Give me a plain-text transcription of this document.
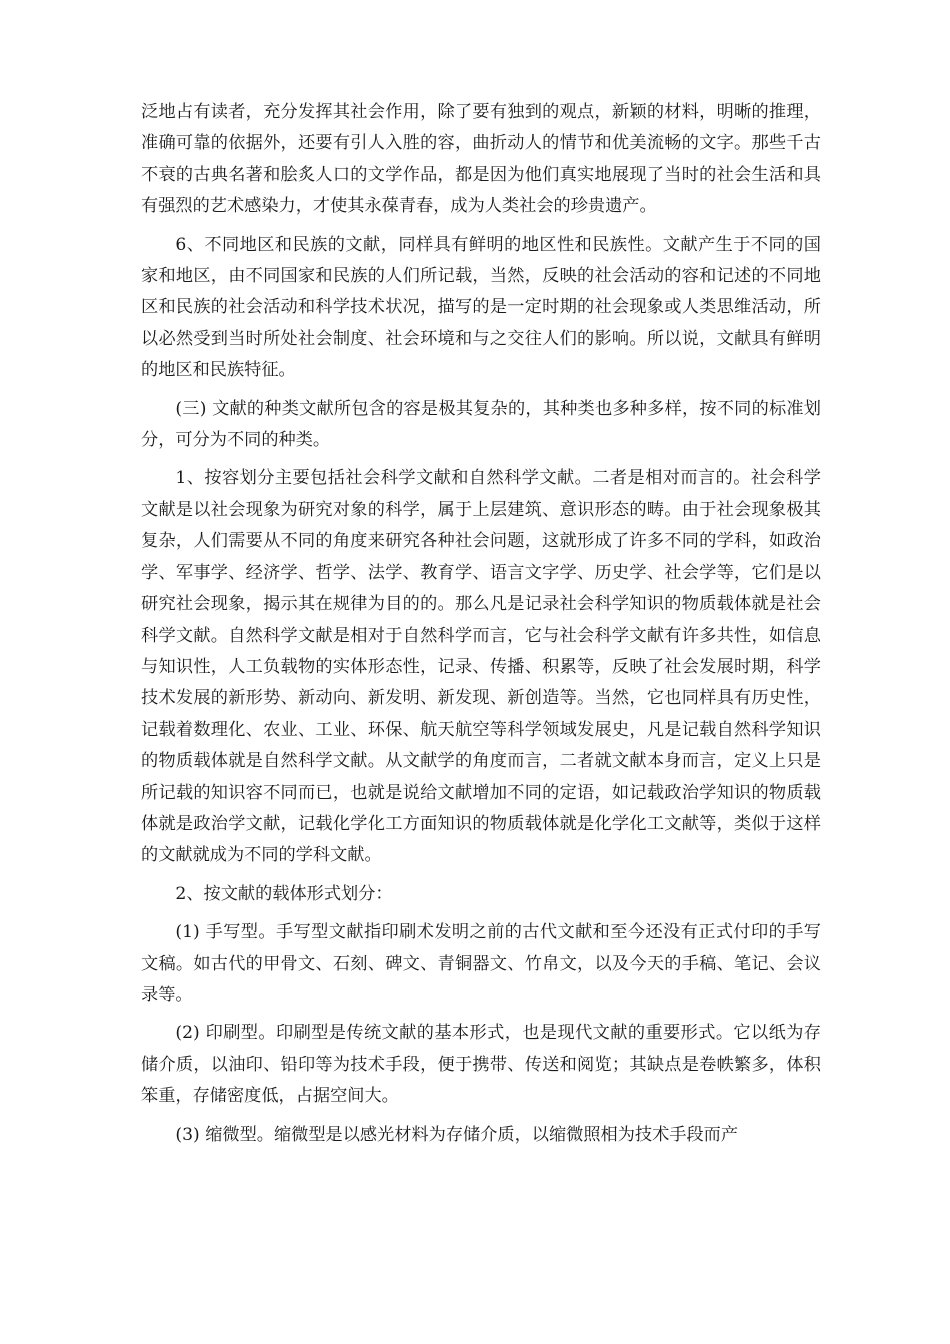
泛地占有读者，充分发挥其社会作用，除了要有独到的观点，新颖的材料，明晰的推理，准确可靠的依据外，还要有引人入胜的容，曲折动人的情节和优美流畅的文字。那些千古不衰的古典名著和脍炙人口的文学作品，都是因为他们真实地展现了当时的社会生活和具有强烈的艺术感染力，才使其永葆青春，成为人类社会的珍贵遗产。

6、不同地区和民族的文献，同样具有鲜明的地区性和民族性。文献产生于不同的国家和地区，由不同国家和民族的人们所记载，当然，反映的社会活动的容和记述的不同地区和民族的社会活动和科学技术状况，描写的是一定时期的社会现象或人类思维活动，所以必然受到当时所处社会制度、社会环境和与之交往人们的影响。所以说，文献具有鲜明的地区和民族特征。

(三) 文献的种类文献所包含的容是极其复杂的，其种类也多种多样，按不同的标准划分，可分为不同的种类。

1、按容划分主要包括社会科学文献和自然科学文献。二者是相对而言的。社会科学文献是以社会现象为研究对象的科学，属于上层建筑、意识形态的畴。由于社会现象极其复杂，人们需要从不同的角度来研究各种社会问题，这就形成了许多不同的学科，如政治学、军事学、经济学、哲学、法学、教育学、语言文字学、历史学、社会学等，它们是以研究社会现象，揭示其在规律为目的的。那么凡是记录社会科学知识的物质载体就是社会科学文献。自然科学文献是相对于自然科学而言，它与社会科学文献有许多共性，如信息与知识性，人工负载物的实体形态性，记录、传播、积累等，反映了社会发展时期，科学技术发展的新形势、新动向、新发明、新发现、新创造等。当然，它也同样具有历史性，记载着数理化、农业、工业、环保、航天航空等科学领域发展史，凡是记载自然科学知识的物质载体就是自然科学文献。从文献学的角度而言，二者就文献本身而言，定义上只是所记载的知识容不同而已，也就是说给文献增加不同的定语，如记载政治学知识的物质载体就是政治学文献，记载化学化工方面知识的物质载体就是化学化工文献等，类似于这样的文献就成为不同的学科文献。

2、按文献的载体形式划分：

(1) 手写型。手写型文献指印刷术发明之前的古代文献和至今还没有正式付印的手写文稿。如古代的甲骨文、石刻、碑文、青铜器文、竹帛文，以及今天的手稿、笔记、会议录等。

(2) 印刷型。印刷型是传统文献的基本形式，也是现代文献的重要形式。它以纸为存储介质，以油印、铅印等为技术手段，便于携带、传送和阅览；其缺点是卷帙繁多，体积笨重，存储密度低，占据空间大。

(3) 缩微型。缩微型是以感光材料为存储介质，以缩微照相为技术手段而产
